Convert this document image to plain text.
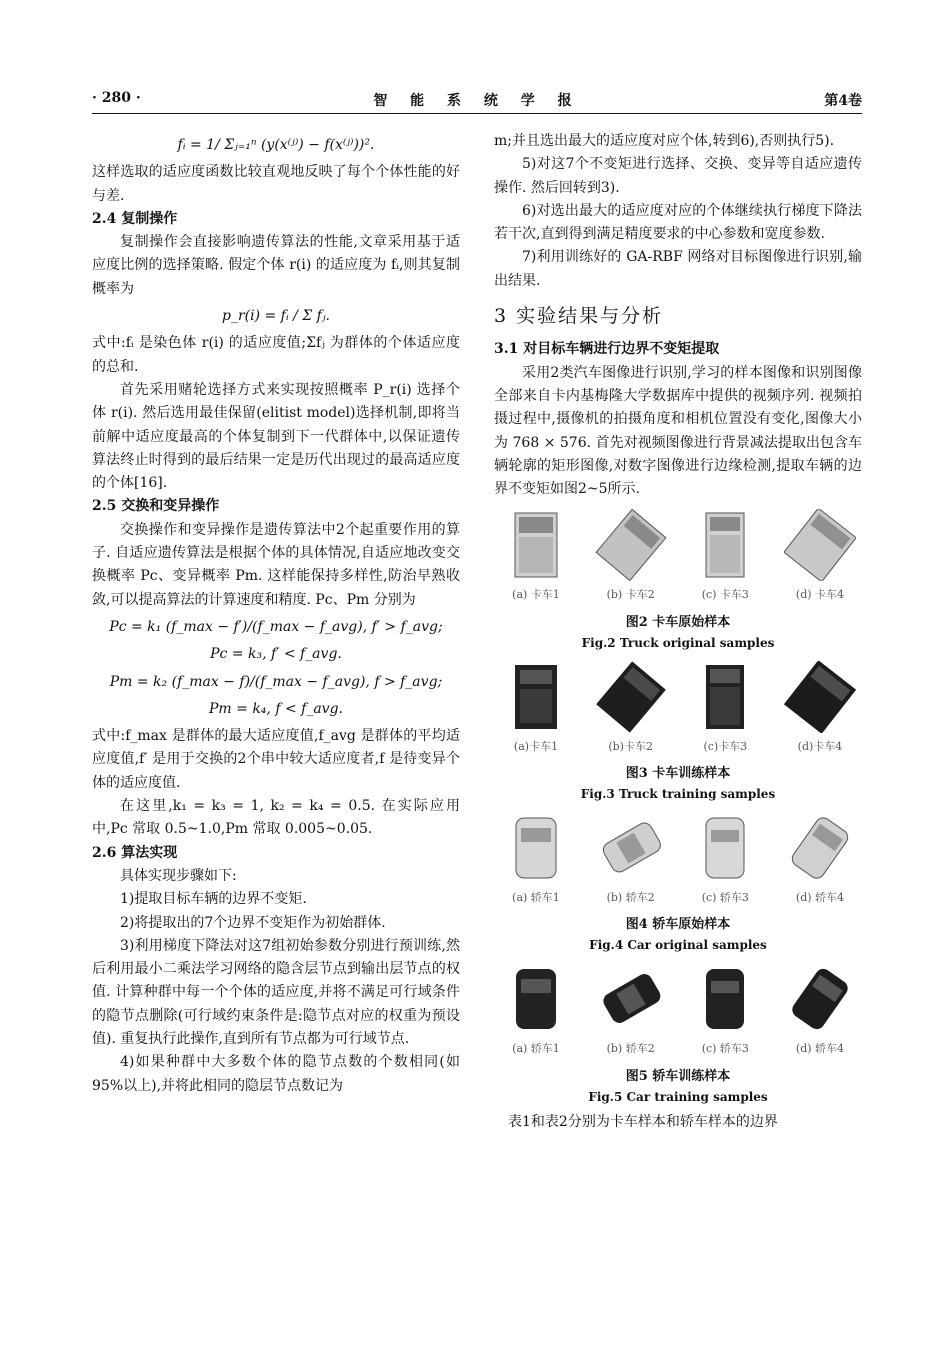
· 280 ·	智 能 系 统 学 报	第4卷

fᵢ = 1/ Σⱼ₌₁ⁿ (y(x⁽ʲ⁾) − f(x⁽ʲ⁾))².

这样选取的适应度函数比较直观地反映了每个个体性能的好与差.

2.4 复制操作

复制操作会直接影响遗传算法的性能,文章采用基于适应度比例的选择策略. 假定个体 r(i) 的适应度为 fᵢ,则其复制概率为

p_r(i) = fᵢ / Σ fⱼ.

式中:fᵢ 是染色体 r(i) 的适应度值;Σfⱼ 为群体的个体适应度的总和.

首先采用赌轮选择方式来实现按照概率 P_r(i) 选择个体 r(i). 然后选用最佳保留(elitist model)选择机制,即将当前解中适应度最高的个体复制到下一代群体中,以保证遗传算法终止时得到的最后结果一定是历代出现过的最高适应度的个体[16].

2.5 交换和变异操作

交换操作和变异操作是遗传算法中2个起重要作用的算子. 自适应遗传算法是根据个体的具体情况,自适应地改变交换概率 Pc、变异概率 Pm. 这样能保持多样性,防治早熟收敛,可以提高算法的计算速度和精度. Pc、Pm 分别为

Pc = k₁ (f_max − f′)/(f_max − f_avg), f′ > f_avg;

Pc = k₃, f′ < f_avg.

Pm = k₂ (f_max − f)/(f_max − f_avg), f > f_avg;

Pm = k₄, f < f_avg.

式中:f_max 是群体的最大适应度值,f_avg 是群体的平均适应度值,f′ 是用于交换的2个串中较大适应度者,f 是待变异个体的适应度值.

在这里,k₁ = k₃ = 1, k₂ = k₄ = 0.5. 在实际应用中,Pc 常取 0.5~1.0,Pm 常取 0.005~0.05.

2.6 算法实现

具体实现步骤如下:

1)提取目标车辆的边界不变矩.

2)将提取出的7个边界不变矩作为初始群体.

3)利用梯度下降法对这7组初始参数分别进行预训练,然后利用最小二乘法学习网络的隐含层节点到输出层节点的权值. 计算种群中每一个个体的适应度,并将不满足可行域条件的隐节点删除(可行域约束条件是:隐节点对应的权重为预设值). 重复执行此操作,直到所有节点都为可行域节点.

4)如果种群中大多数个体的隐节点数的个数相同(如95%以上),并将此相同的隐层节点数记为

m;并且选出最大的适应度对应个体,转到6),否则执行5).

5)对这7个不变矩进行选择、交换、变异等自适应遗传操作. 然后回转到3).

6)对选出最大的适应度对应的个体继续执行梯度下降法若干次,直到得到满足精度要求的中心参数和宽度参数.

7)利用训练好的 GA-RBF 网络对目标图像进行识别,输出结果.

3 实验结果与分析

3.1 对目标车辆进行边界不变矩提取

采用2类汽车图像进行识别,学习的样本图像和识别图像全部来自卡内基梅隆大学数据库中提供的视频序列. 视频拍摄过程中,摄像机的拍摄角度和相机位置没有变化,图像大小为 768 × 576. 首先对视频图像进行背景减法提取出包含车辆轮廓的矩形图像,对数字图像进行边缘检测,提取车辆的边界不变矩如图2~5所示.

(a) 卡车1	(b) 卡车2	(c) 卡车3	(d) 卡车4
图2 卡车原始样本
Fig.2 Truck original samples
(a)卡车1	(b)卡车2	(c)卡车3	(d)卡车4
图3 卡车训练样本
Fig.3 Truck training samples
(a) 轿车1	(b) 轿车2	(c) 轿车3	(d) 轿车4
图4 轿车原始样本
Fig.4 Car original samples
(a) 轿车1	(b) 轿车2	(c) 轿车3	(d) 轿车4
图5 轿车训练样本
Fig.5 Car training samples

表1和表2分别为卡车样本和轿车样本的边界
